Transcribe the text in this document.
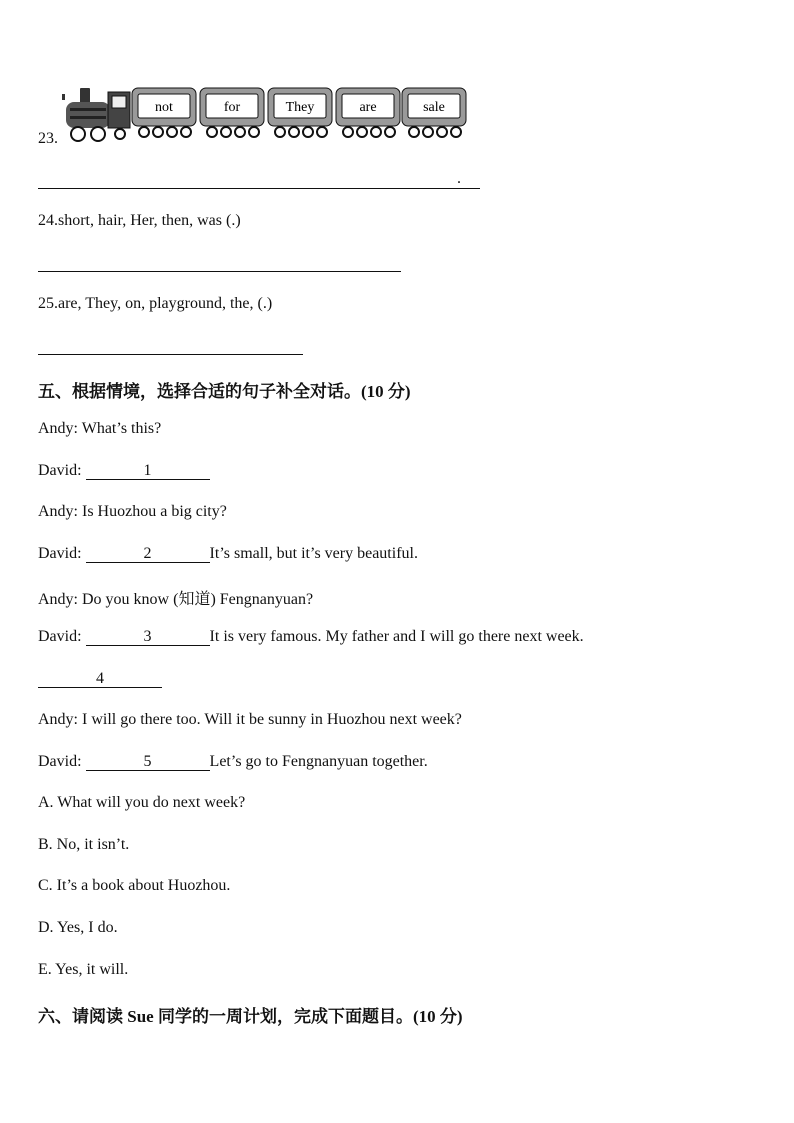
23.
not	for	They	are	sale
.
24.short, hair, Her, then, was (.)
25.are, They, on, playground, the, (.)
五、根据情境，选择合适的句子补全对话。(10 分)
Andy: What’s this?
David:	1
Andy: Is Huozhou a big city?
David:	2	It’s small, but it’s very beautiful.
Andy: Do you know (知道) Fengnanyuan?
David:	3	It is very famous. My father and I will go there next week.
4
Andy: I will go there too. Will it be sunny in Huozhou next week?
David:	5	Let’s go to Fengnanyuan together.
A. What will you do next week?
B. No, it isn’t.
C. It’s a book about Huozhou.
D. Yes, I do.
E. Yes, it will.
六、请阅读 Sue 同学的一周计划，完成下面题目。(10 分)
